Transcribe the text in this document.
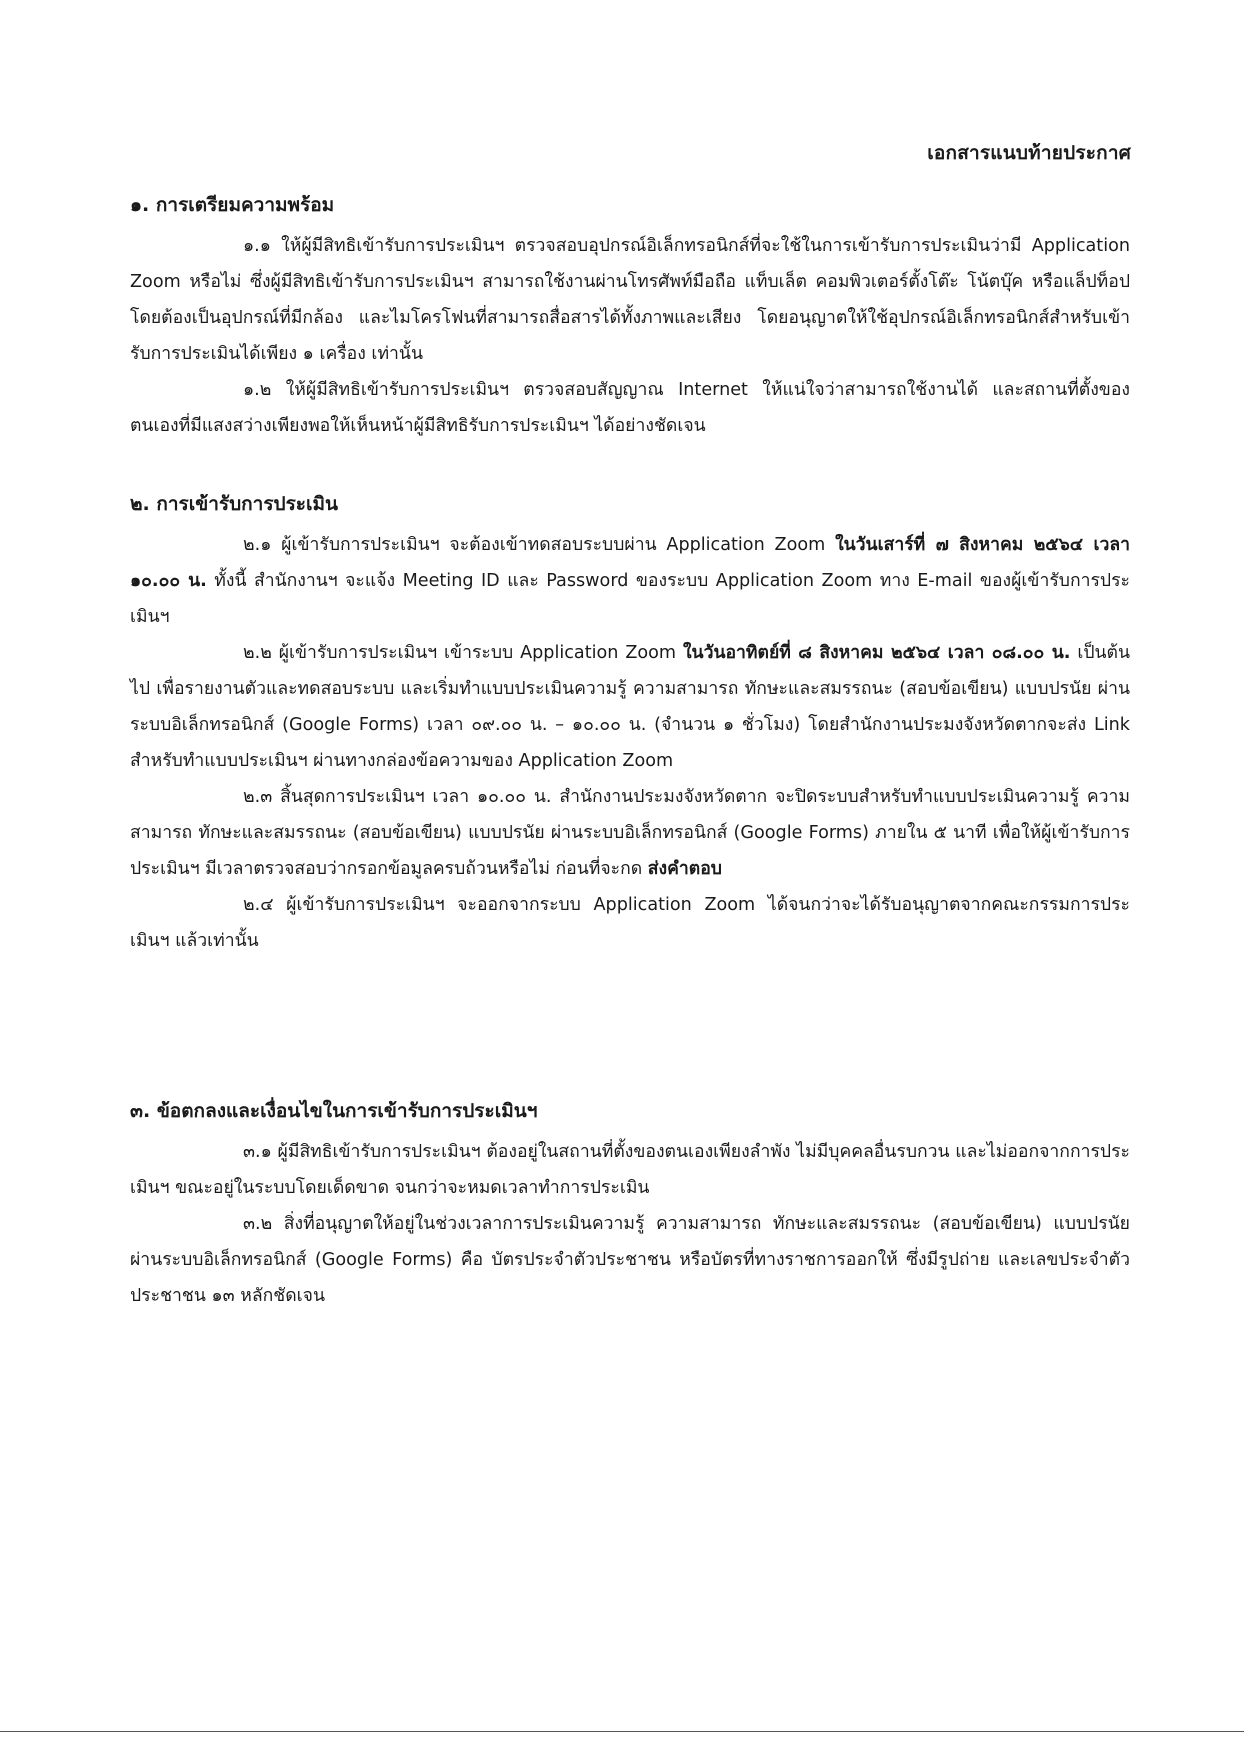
เอกสารแนบท้ายประกาศ
๑. การเตรียมความพร้อม

๑.๑ ให้ผู้มีสิทธิเข้ารับการประเมินฯ ตรวจสอบอุปกรณ์อิเล็กทรอนิกส์ที่จะใช้ในการเข้ารับการประเมินว่ามี Application Zoom หรือไม่ ซึ่งผู้มีสิทธิเข้ารับการประเมินฯ สามารถใช้งานผ่านโทรศัพท์มือถือ แท็บเล็ต คอมพิวเตอร์ตั้งโต๊ะ โน้ตบุ๊ค หรือแล็ปท็อป โดยต้องเป็นอุปกรณ์ที่มีกล้อง และไมโครโฟนที่สามารถสื่อสารได้ทั้งภาพและเสียง โดยอนุญาตให้ใช้อุปกรณ์อิเล็กทรอนิกส์สำหรับเข้ารับการประเมินได้เพียง ๑ เครื่อง เท่านั้น

๑.๒ ให้ผู้มีสิทธิเข้ารับการประเมินฯ ตรวจสอบสัญญาณ Internet ให้แน่ใจว่าสามารถใช้งานได้ และสถานที่ตั้งของตนเองที่มีแสงสว่างเพียงพอให้เห็นหน้าผู้มีสิทธิรับการประเมินฯ ได้อย่างชัดเจน

๒. การเข้ารับการประเมิน

๒.๑ ผู้เข้ารับการประเมินฯ จะต้องเข้าทดสอบระบบผ่าน Application Zoom ในวันเสาร์ที่ ๗ สิงหาคม ๒๕๖๔ เวลา ๑๐.๐๐ น. ทั้งนี้ สำนักงานฯ จะแจ้ง Meeting ID และ Password ของระบบ Application Zoom ทาง E-mail ของผู้เข้ารับการประเมินฯ

๒.๒ ผู้เข้ารับการประเมินฯ เข้าระบบ Application Zoom ในวันอาทิตย์ที่ ๘ สิงหาคม ๒๕๖๔ เวลา ๐๘.๐๐ น. เป็นต้นไป เพื่อรายงานตัวและทดสอบระบบ และเริ่มทำแบบประเมินความรู้ ความสามารถ ทักษะและสมรรถนะ (สอบข้อเขียน) แบบปรนัย ผ่านระบบอิเล็กทรอนิกส์ (Google Forms) เวลา ๐๙.๐๐ น. – ๑๐.๐๐ น. (จำนวน ๑ ชั่วโมง) โดยสำนักงานประมงจังหวัดตากจะส่ง Link สำหรับทำแบบประเมินฯ ผ่านทางกล่องข้อความของ Application Zoom

๒.๓ สิ้นสุดการประเมินฯ เวลา ๑๐.๐๐ น. สำนักงานประมงจังหวัดตาก จะปิดระบบสำหรับทำแบบประเมินความรู้ ความสามารถ ทักษะและสมรรถนะ (สอบข้อเขียน) แบบปรนัย ผ่านระบบอิเล็กทรอนิกส์ (Google Forms) ภายใน ๕ นาที เพื่อให้ผู้เข้ารับการประเมินฯ มีเวลาตรวจสอบว่ากรอกข้อมูลครบถ้วนหรือไม่ ก่อนที่จะกด ส่งคำตอบ

๒.๔ ผู้เข้ารับการประเมินฯ จะออกจากระบบ Application Zoom ได้จนกว่าจะได้รับอนุญาตจากคณะกรรมการประเมินฯ แล้วเท่านั้น

๓. ข้อตกลงและเงื่อนไขในการเข้ารับการประเมินฯ

๓.๑ ผู้มีสิทธิเข้ารับการประเมินฯ ต้องอยู่ในสถานที่ตั้งของตนเองเพียงลำพัง ไม่มีบุคคลอื่นรบกวน และไม่ออกจากการประเมินฯ ขณะอยู่ในระบบโดยเด็ดขาด จนกว่าจะหมดเวลาทำการประเมิน

๓.๒ สิ่งที่อนุญาตให้อยู่ในช่วงเวลาการประเมินความรู้ ความสามารถ ทักษะและสมรรถนะ (สอบข้อเขียน) แบบปรนัย ผ่านระบบอิเล็กทรอนิกส์ (Google Forms) คือ บัตรประจำตัวประชาชน หรือบัตรที่ทางราชการออกให้ ซึ่งมีรูปถ่าย และเลขประจำตัวประชาชน ๑๓ หลักชัดเจน
